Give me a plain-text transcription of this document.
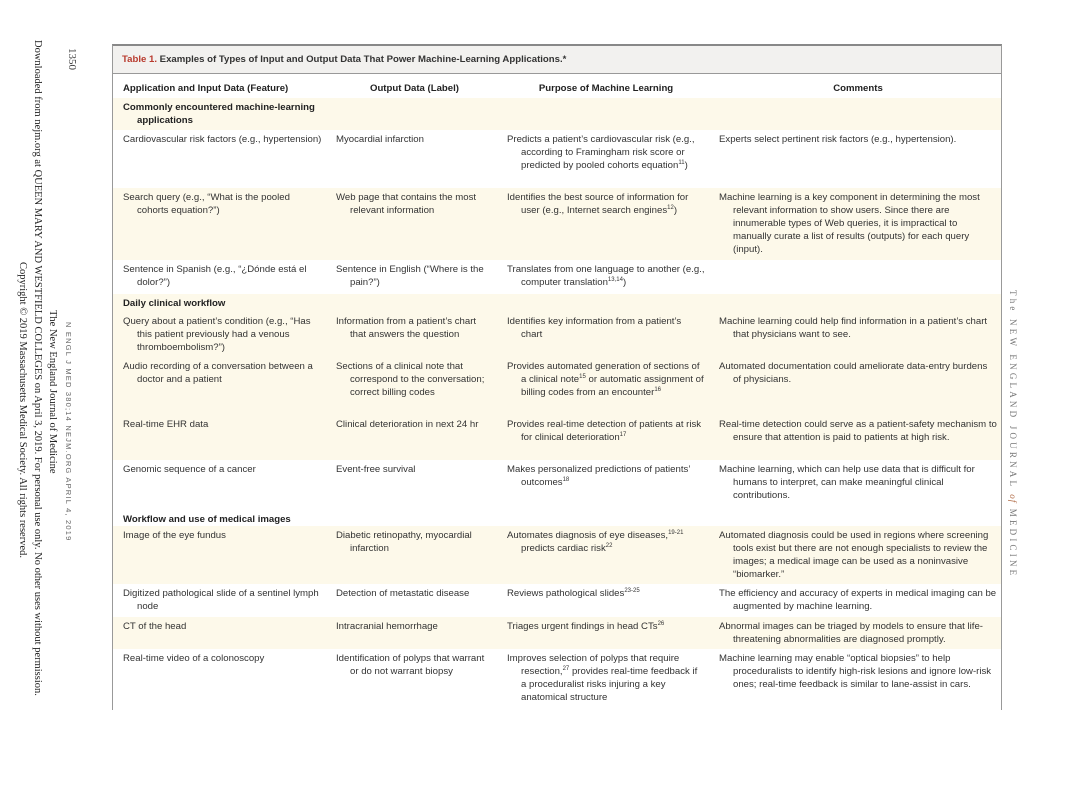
1350
N ENGL J MED 380;14 NEJM.ORG APRIL 4, 2019
The New England Journal of Medicine
Downloaded from nejm.org at QUEEN MARY AND WESTFIELD COLLEGES on April 3, 2019. For personal use only. No other uses without permission.
Copyright © 2019 Massachusetts Medical Society. All rights reserved.	The NEW ENGLAND JOURNAL of MEDICINE
Table 1. Examples of Types of Input and Output Data That Power Machine-Learning Applications.*
Application and Input Data (Feature)	Output Data (Label)	Purpose of Machine Learning	Comments

Commonly encountered machine-learning applications			

Cardiovascular risk factors (e.g., hypertension)	Myocardial infarction	Predicts a patient’s cardiovascular risk (e.g., according to Framingham risk score or predicted by pooled cohorts equation$^{11}$)	Experts select pertinent risk factors (e.g., hypertension).

Search query (e.g., “What is the pooled cohorts equation?”)	Web page that contains the most relevant information	Identifies the best source of information for user (e.g., Internet search engines$^{12}$)	Machine learning is a key component in determining the most relevant information to show users. Since there are innumerable types of Web queries, it is impractical to manually curate a list of results (outputs) for each query (input).

Sentence in Spanish (e.g., “¿Dónde está el dolor?”)	Sentence in English (“Where is the pain?”)	Translates from one language to another (e.g., computer translation$^{13,14}$)	

Daily clinical workflow			

Query about a patient’s condition (e.g., “Has this patient previously had a venous thromboembolism?”)	Information from a patient’s chart that answers the question	Identifies key information from a patient’s chart	Machine learning could help find information in a patient’s chart that physicians want to see.

Audio recording of a conversation between a doctor and a patient	Sections of a clinical note that correspond to the conversation; correct billing codes	Provides automated generation of sections of a clinical note$^{15}$ or automatic assignment of billing codes from an encounter$^{16}$	Automated documentation could ameliorate data-entry burdens of physicians.

Real-time EHR data	Clinical deterioration in next 24 hr	Provides real-time detection of patients at risk for clinical deterioration$^{17}$	Real-time detection could serve as a patient-safety mechanism to ensure that attention is paid to patients at high risk.

Genomic sequence of a cancer	Event-free survival	Makes personalized predictions of patients’ outcomes$^{18}$	Machine learning, which can help use data that is difficult for humans to interpret, can make meaningful clinical contributions.

Workflow and use of medical images			

Image of the eye fundus	Diabetic retinopathy, myocardial infarction	Automates diagnosis of eye diseases,$^{19-21}$ predicts cardiac risk$^{22}$	Automated diagnosis could be used in regions where screening tools exist but there are not enough specialists to review the images; a medical image can be used as a noninvasive “biomarker.”

Digitized pathological slide of a sentinel lymph node	Detection of metastatic disease	Reviews pathological slides$^{23-25}$	The efficiency and accuracy of experts in medical imaging can be augmented by machine learning.

CT of the head	Intracranial hemorrhage	Triages urgent findings in head CTs$^{26}$	Abnormal images can be triaged by models to ensure that life-threatening abnormalities are diagnosed promptly.

Real-time video of a colonoscopy	Identification of polyps that warrant or do not warrant biopsy	Improves selection of polyps that require resection,$^{27}$ provides real-time feedback if a proceduralist risks injuring a key anatomical structure	Machine learning may enable “optical biopsies” to help proceduralists to identify high-risk lesions and ignore low-risk ones; real-time feedback is similar to lane-assist in cars.
